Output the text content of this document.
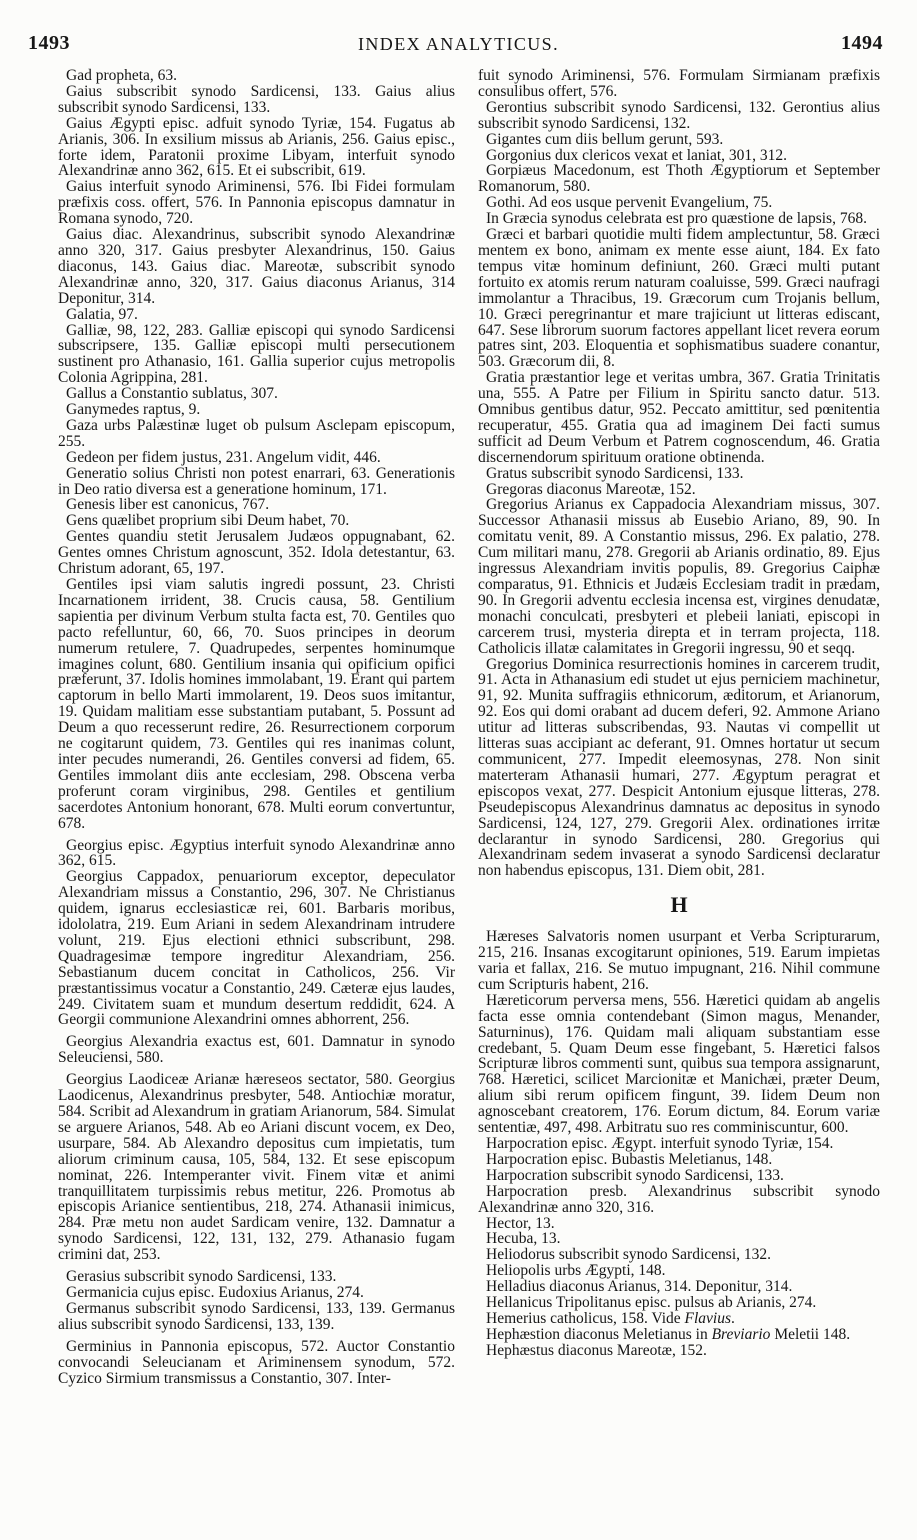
1493	INDEX ANALYTICUS.	1494

Gad propheta, 63.

Gaius subscribit synodo Sardicensi, 133. Gaius alius subscribit synodo Sardicensi, 133.

Gaius Ægypti episc. adfuit synodo Tyriæ, 154. Fugatus ab Arianis, 306. In exsilium missus ab Arianis, 256. Gaius episc., forte idem, Paratonii proxime Libyam, interfuit synodo Alexandrinæ anno 362, 615. Et ei subscribit, 619.

Gaius interfuit synodo Ariminensi, 576. Ibi Fidei formulam præfixis coss. offert, 576. In Pannonia episcopus damnatur in Romana synodo, 720.

Gaius diac. Alexandrinus, subscribit synodo Alexandrinæ anno 320, 317. Gaius presbyter Alexandrinus, 150. Gaius diaconus, 143. Gaius diac. Mareotæ, subscribit synodo Alexandrinæ anno, 320, 317. Gaius diaconus Arianus, 314 Deponitur, 314.

Galatia, 97.

Galliæ, 98, 122, 283. Galliæ episcopi qui synodo Sardicensi subscripsere, 135. Galliæ episcopi multi persecutionem sustinent pro Athanasio, 161. Gallia superior cujus metropolis Colonia Agrippina, 281.

Gallus a Constantio sublatus, 307.

Ganymedes raptus, 9.

Gaza urbs Palæstinæ luget ob pulsum Asclepam episcopum, 255.

Gedeon per fidem justus, 231. Angelum vidit, 446.

Generatio solius Christi non potest enarrari, 63. Generationis in Deo ratio diversa est a generatione hominum, 171.

Genesis liber est canonicus, 767.

Gens quælibet proprium sibi Deum habet, 70.

Gentes quandiu stetit Jerusalem Judæos oppugnabant, 62. Gentes omnes Christum agnoscunt, 352. Idola detestantur, 63. Christum adorant, 65, 197.

Gentiles ipsi viam salutis ingredi possunt, 23. Christi Incarnationem irrident, 38. Crucis causa, 58. Gentilium sapientia per divinum Verbum stulta facta est, 70. Gentiles quo pacto refelluntur, 60, 66, 70. Suos principes in deorum numerum retulere, 7. Quadrupedes, serpentes hominumque imagines colunt, 680. Gentilium insania qui opificium opifici præferunt, 37. Idolis homines immolabant, 19. Erant qui partem captorum in bello Marti immolarent, 19. Deos suos imitantur, 19. Quidam malitiam esse substantiam putabant, 5. Possunt ad Deum a quo recesserunt redire, 26. Resurrectionem corporum ne cogitarunt quidem, 73. Gentiles qui res inanimas colunt, inter pecudes numerandi, 26. Gentiles conversi ad fidem, 65. Gentiles immolant diis ante ecclesiam, 298. Obscena verba proferunt coram virginibus, 298. Gentiles et gentilium sacerdotes Antonium honorant, 678. Multi eorum convertuntur, 678.

Georgius episc. Ægyptius interfuit synodo Alexandrinæ anno 362, 615.

Georgius Cappadox, penuariorum exceptor, depeculator Alexandriam missus a Constantio, 296, 307. Ne Christianus quidem, ignarus ecclesiasticæ rei, 601. Barbaris moribus, idololatra, 219. Eum Ariani in sedem Alexandrinam intrudere volunt, 219. Ejus electioni ethnici subscribunt, 298. Quadragesimæ tempore ingreditur Alexandriam, 256. Sebastianum ducem concitat in Catholicos, 256. Vir præstantissimus vocatur a Constantio, 249. Cæteræ ejus laudes, 249. Civitatem suam et mundum desertum reddidit, 624. A Georgii communione Alexandrini omnes abhorrent, 256.

Georgius Alexandria exactus est, 601. Damnatur in synodo Seleuciensi, 580.

Georgius Laodiceæ Arianæ hæreseos sectator, 580. Georgius Laodicenus, Alexandrinus presbyter, 548. Antiochiæ moratur, 584. Scribit ad Alexandrum in gratiam Arianorum, 584. Simulat se arguere Arianos, 548. Ab eo Ariani discunt vocem, ex Deo, usurpare, 584. Ab Alexandro depositus cum impietatis, tum aliorum criminum causa, 105, 584, 132. Et sese episcopum nominat, 226. Intemperanter vivit. Finem vitæ et animi tranquillitatem turpissimis rebus metitur, 226. Promotus ab episcopis Arianice sentientibus, 218, 274. Athanasii inimicus, 284. Præ metu non audet Sardicam venire, 132. Damnatur a synodo Sardicensi, 122, 131, 132, 279. Athanasio fugam crimini dat, 253.

Gerasius subscribit synodo Sardicensi, 133.

Germanicia cujus episc. Eudoxius Arianus, 274.

Germanus subscribit synodo Sardicensi, 133, 139. Germanus alius subscribit synodo Sardicensi, 133, 139.

Germinius in Pannonia episcopus, 572. Auctor Constantio convocandi Seleucianam et Ariminensem synodum, 572. Cyzico Sirmium transmissus a Constantio, 307. Inter-

fuit synodo Ariminensi, 576. Formulam Sirmianam præfixis consulibus offert, 576.

Gerontius subscribit synodo Sardicensi, 132. Gerontius alius subscribit synodo Sardicensi, 132.

Gigantes cum diis bellum gerunt, 593.

Gorgonius dux clericos vexat et laniat, 301, 312.

Gorpiæus Macedonum, est Thoth Ægyptiorum et September Romanorum, 580.

Gothi. Ad eos usque pervenit Evangelium, 75.

In Græcia synodus celebrata est pro quæstione de lapsis, 768.

Græci et barbari quotidie multi fidem amplectuntur, 58. Græci mentem ex bono, animam ex mente esse aiunt, 184. Ex fato tempus vitæ hominum definiunt, 260. Græci multi putant fortuito ex atomis rerum naturam coaluisse, 599. Græci naufragi immolantur a Thracibus, 19. Græcorum cum Trojanis bellum, 10. Græci peregrinantur et mare trajiciunt ut litteras ediscant, 647. Sese librorum suorum factores appellant licet revera eorum patres sint, 203. Eloquentia et sophismatibus suadere conantur, 503. Græcorum dii, 8.

Gratia præstantior lege et veritas umbra, 367. Gratia Trinitatis una, 555. A Patre per Filium in Spiritu sancto datur. 513. Omnibus gentibus datur, 952. Peccato amittitur, sed pœnitentia recuperatur, 455. Gratia qua ad imaginem Dei facti sumus sufficit ad Deum Verbum et Patrem cognoscendum, 46. Gratia discernendorum spirituum oratione obtinenda.

Gratus subscribit synodo Sardicensi, 133.

Gregoras diaconus Mareotæ, 152.

Gregorius Arianus ex Cappadocia Alexandriam missus, 307. Successor Athanasii missus ab Eusebio Ariano, 89, 90. In comitatu venit, 89. A Constantio missus, 296. Ex palatio, 278. Cum militari manu, 278. Gregorii ab Arianis ordinatio, 89. Ejus ingressus Alexandriam invitis populis, 89. Gregorius Caiphæ comparatus, 91. Ethnicis et Judæis Ecclesiam tradit in prædam, 90. In Gregorii adventu ecclesia incensa est, virgines denudatæ, monachi conculcati, presbyteri et plebeii laniati, episcopi in carcerem trusi, mysteria direpta et in terram projecta, 118. Catholicis illatæ calamitates in Gregorii ingressu, 90 et seqq.

Gregorius Dominica resurrectionis homines in carcerem trudit, 91. Acta in Athanasium edi studet ut ejus perniciem machinetur, 91, 92. Munita suffragiis ethnicorum, æditorum, et Arianorum, 92. Eos qui domi orabant ad ducem deferi, 92. Ammone Ariano utitur ad litteras subscribendas, 93. Nautas vi compellit ut litteras suas accipiant ac deferant, 91. Omnes hortatur ut secum communicent, 277. Impedit eleemosynas, 278. Non sinit materteram Athanasii humari, 277. Ægyptum peragrat et episcopos vexat, 277. Despicit Antonium ejusque litteras, 278. Pseudepiscopus Alexandrinus damnatus ac depositus in synodo Sardicensi, 124, 127, 279. Gregorii Alex. ordinationes irritæ declarantur in synodo Sardicensi, 280. Gregorius qui Alexandrinam sedem invaserat a synodo Sardicensi declaratur non habendus episcopus, 131. Diem obit, 281.

H

Hæreses Salvatoris nomen usurpant et Verba Scripturarum, 215, 216. Insanas excogitarunt opiniones, 519. Earum impietas varia et fallax, 216. Se mutuo impugnant, 216. Nihil commune cum Scripturis habent, 216.

Hæreticorum perversa mens, 556. Hæretici quidam ab angelis facta esse omnia contendebant (Simon magus, Menander, Saturninus), 176. Quidam mali aliquam substantiam esse credebant, 5. Quam Deum esse fingebant, 5. Hæretici falsos Scripturæ libros commenti sunt, quibus sua tempora assignarunt, 768. Hæretici, scilicet Marcionitæ et Manichæi, præter Deum, alium sibi rerum opificem fingunt, 39. Iidem Deum non agnoscebant creatorem, 176. Eorum dictum, 84. Eorum variæ sententiæ, 497, 498. Arbitratu suo res comminiscuntur, 600.

Harpocration episc. Ægypt. interfuit synodo Tyriæ, 154.

Harpocration episc. Bubastis Meletianus, 148.

Harpocration subscribit synodo Sardicensi, 133.

Harpocration presb. Alexandrinus subscribit synodo Alexandrinæ anno 320, 316.

Hector, 13.

Hecuba, 13.

Heliodorus subscribit synodo Sardicensi, 132.

Heliopolis urbs Ægypti, 148.

Helladius diaconus Arianus, 314. Deponitur, 314.

Hellanicus Tripolitanus episc. pulsus ab Arianis, 274.

Hemerius catholicus, 158. Vide Flavius.

Hephæstion diaconus Meletianus in Breviario Meletii 148.

Hephæstus diaconus Mareotæ, 152.
